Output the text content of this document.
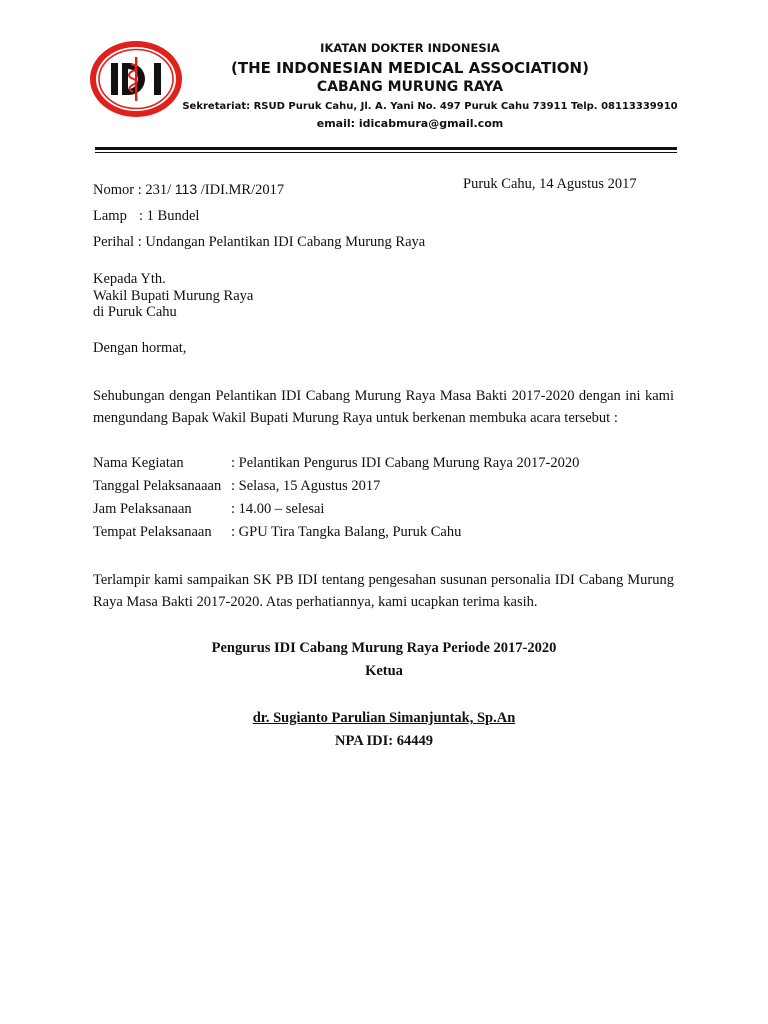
IKATAN DOKTER INDONESIA
(THE INDONESIAN MEDICAL ASSOCIATION)
CABANG MURUNG RAYA
Sekretariat: RSUD Puruk Cahu, Jl. A. Yani No. 497 Puruk Cahu 73911 Telp. 08113339910
email: idicabmura@gmail.com
Puruk Cahu, 14 Agustus 2017
Nomor : 231/ 113 /IDI.MR/2017
Lamp : 1 Bundel
Perihal : Undangan Pelantikan IDI Cabang Murung Raya
Kepada Yth.
Wakil Bupati Murung Raya
di Puruk Cahu
Dengan hormat,
Sehubungan dengan Pelantikan IDI Cabang Murung Raya Masa Bakti 2017-2020 dengan ini kami mengundang Bapak Wakil Bupati Murung Raya untuk berkenan membuka acara tersebut :
Nama Kegiatan	: Pelantikan Pengurus IDI Cabang Murung Raya 2017-2020
Tanggal Pelaksanaaan : Selasa, 15 Agustus 2017
Jam Pelaksanaan	: 14.00 – selesai
Tempat Pelaksanaan : GPU Tira Tangka Balang, Puruk Cahu
Terlampir kami sampaikan SK PB IDI tentang pengesahan susunan personalia IDI Cabang Murung Raya Masa Bakti 2017-2020. Atas perhatiannya, kami ucapkan terima kasih.
Pengurus IDI Cabang Murung Raya Periode 2017-2020
Ketua
dr. Sugianto Parulian Simanjuntak, Sp.An
NPA IDI: 64449
